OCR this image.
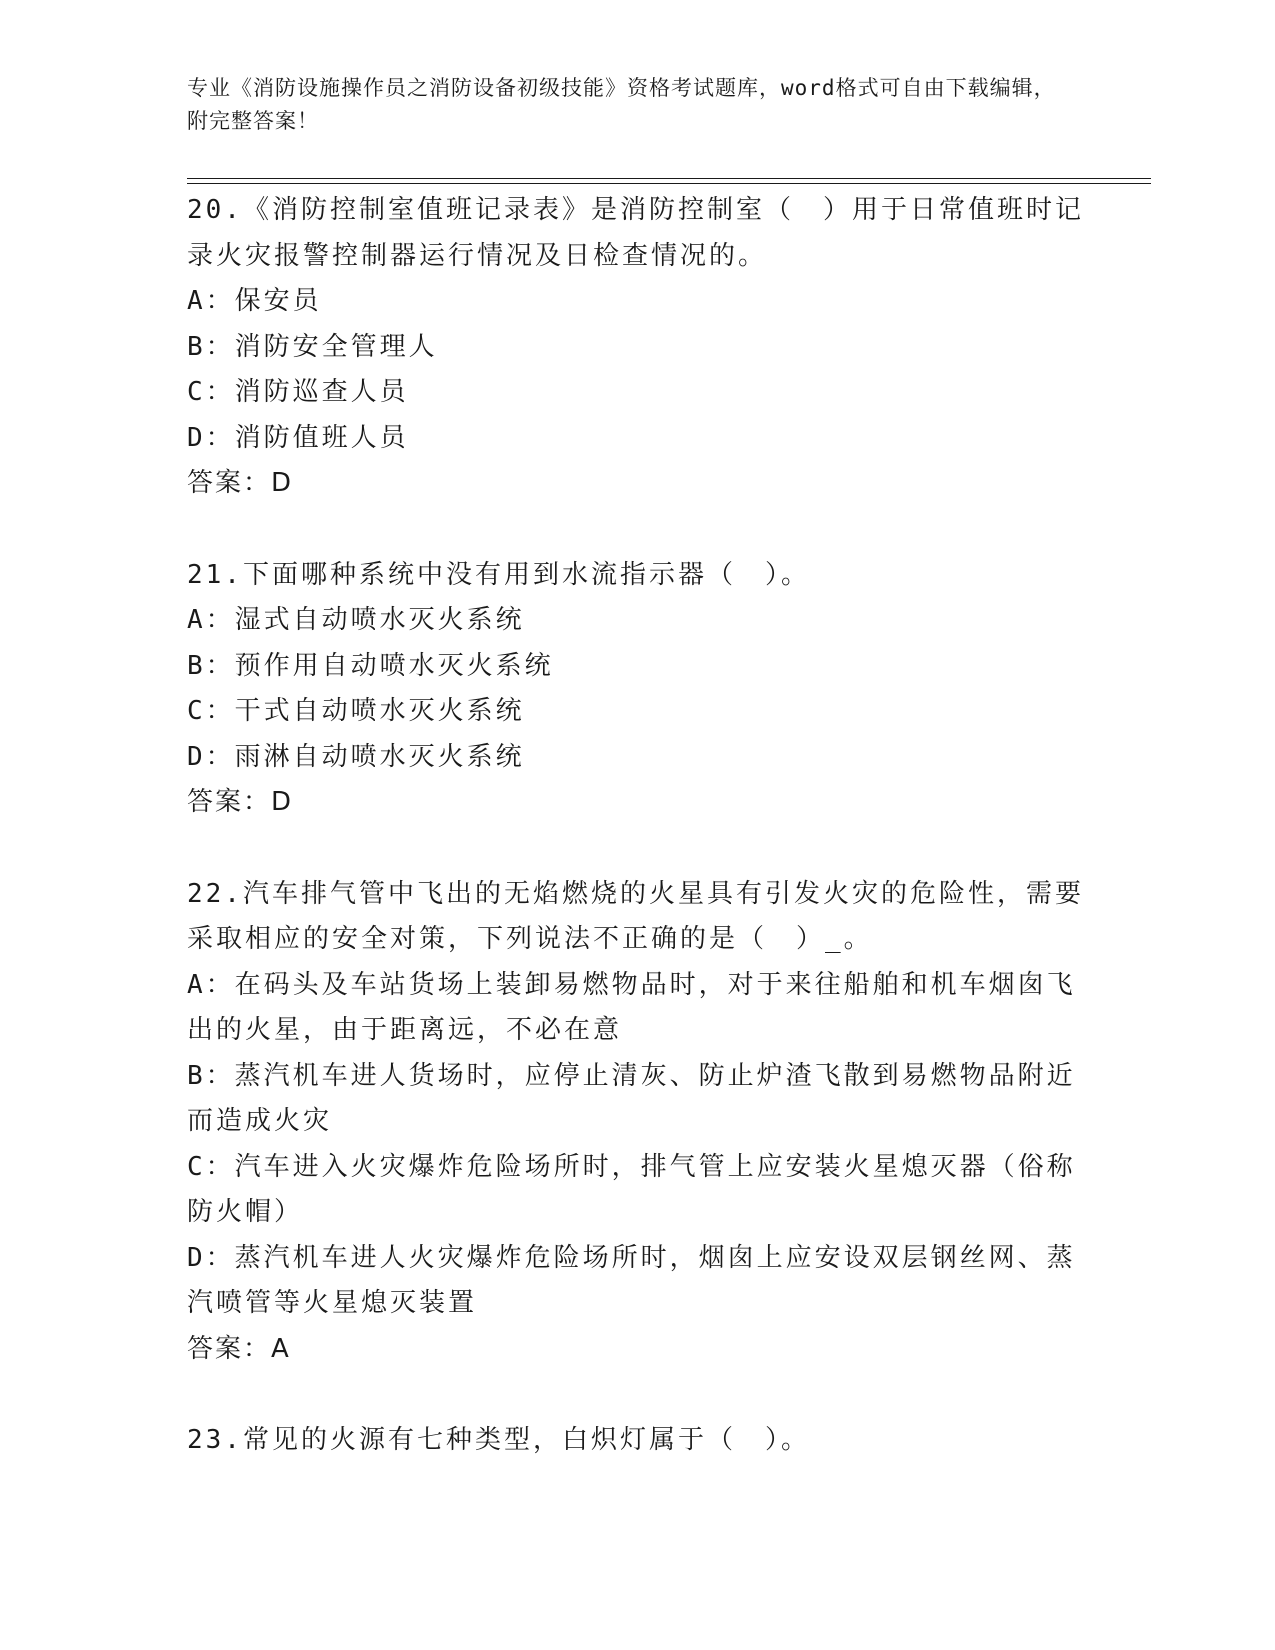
专业《消防设施操作员之消防设备初级技能》资格考试题库，word格式可自由下载编辑，附完整答案！

20.《消防控制室值班记录表》是消防控制室（　）用于日常值班时记录火灾报警控制器运行情况及日检查情况的。

A：保安员

B：消防安全管理人

C：消防巡查人员

D：消防值班人员

答案：D

21.下面哪种系统中没有用到水流指示器（　）。

A：湿式自动喷水灭火系统

B：预作用自动喷水灭火系统

C：干式自动喷水灭火系统

D：雨淋自动喷水灭火系统

答案：D

22.汽车排气管中飞出的无焰燃烧的火星具有引发火灾的危险性，需要采取相应的安全对策，下列说法不正确的是（　）_。

A：在码头及车站货场上装卸易燃物品时，对于来往船舶和机车烟囱飞出的火星，由于距离远，不必在意

B：蒸汽机车进人货场时，应停止清灰、防止炉渣飞散到易燃物品附近而造成火灾

C：汽车进入火灾爆炸危险场所时，排气管上应安装火星熄灭器（俗称防火帽）

D：蒸汽机车进人火灾爆炸危险场所时，烟囱上应安设双层钢丝网、蒸汽喷管等火星熄灭装置

答案：A

23.常见的火源有七种类型，白炽灯属于（　）。
